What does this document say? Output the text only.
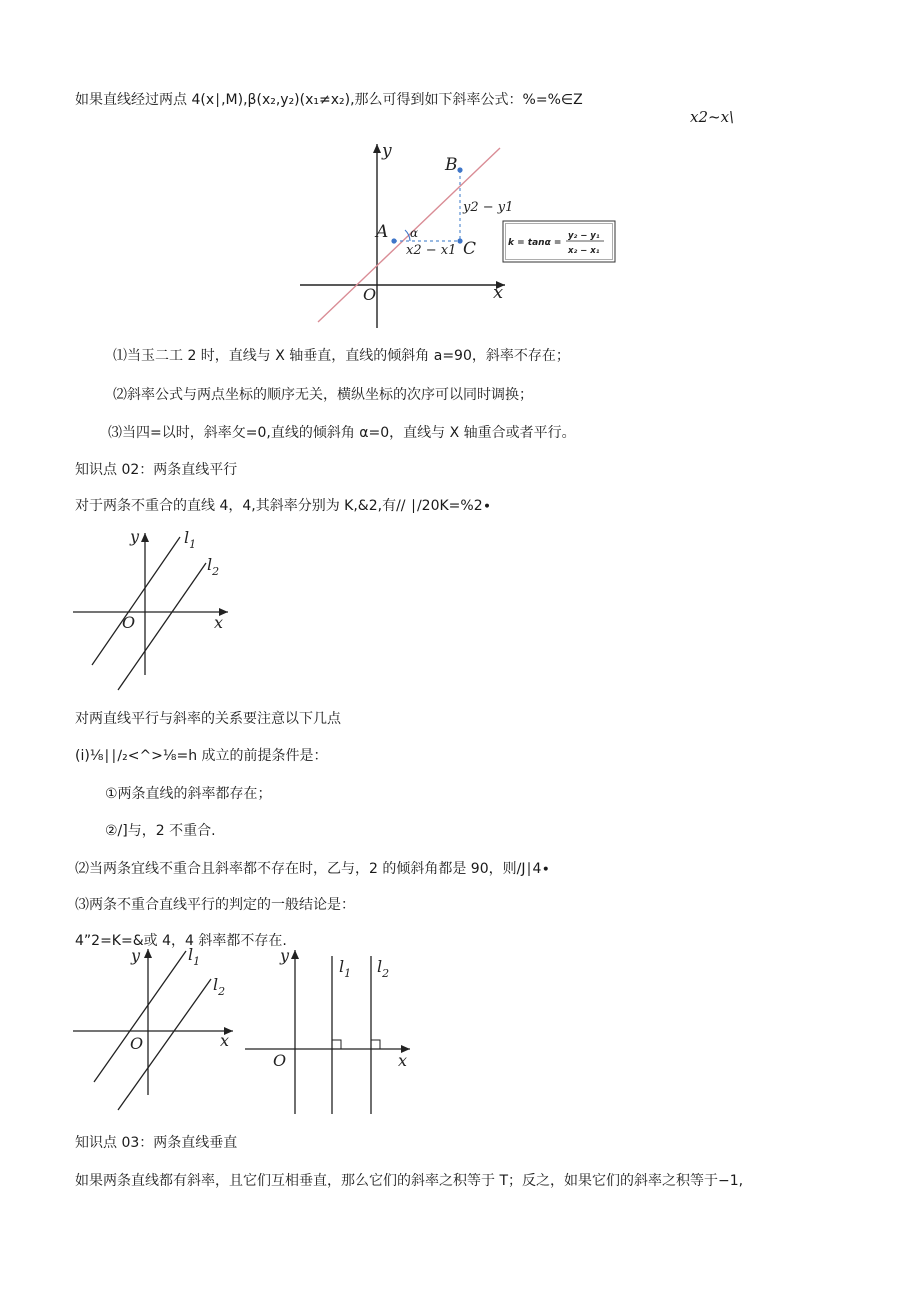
如果直线经过两点 4(x∣,M),β(x₂,y₂)(x₁≠x₂),那么可得到如下斜率公式：%=%∈Z
x2~x\
y
x
O
A
B
C
α
y2 − y1
x2 − x1	k = tanα =
y₂ − y₁
x₂ − x₁
⑴当玉二工 2 时，直线与 X 轴垂直，直线的倾斜角 a=90，斜率不存在；
⑵斜率公式与两点坐标的顺序无关，横纵坐标的次序可以同时调换；
⑶当四=以时，斜率攵=0,直线的倾斜角 α=0，直线与 X 轴重合或者平行。
知识点 02：两条直线平行
对于两条不重合的直线 4，4,其斜率分别为 K,&2,有// ∣∕20K=%2∙
y
x
O
$l_1$
$l_2$
对两直线平行与斜率的关系要注意以下几点
(i)⅛∣∣∕₂<^>⅛=h 成立的前提条件是：
①两条直线的斜率都存在；
②/]与，2 不重合.
⑵当两条宜线不重合且斜率都不存在时，乙与，2 的倾斜角都是 90，则∕J∣4∙
⑶两条不重合直线平行的判定的一般结论是：
4”2=K=&或 4，4 斜率都不存在.
y
x
O
$l_1$
$l_2$
y
x
O
$l_1$ $l_2$
知识点 03：两条直线垂直
如果两条直线都有斜率，且它们互相垂直，那么它们的斜率之积等于 T；反之，如果它们的斜率之积等于−1,
